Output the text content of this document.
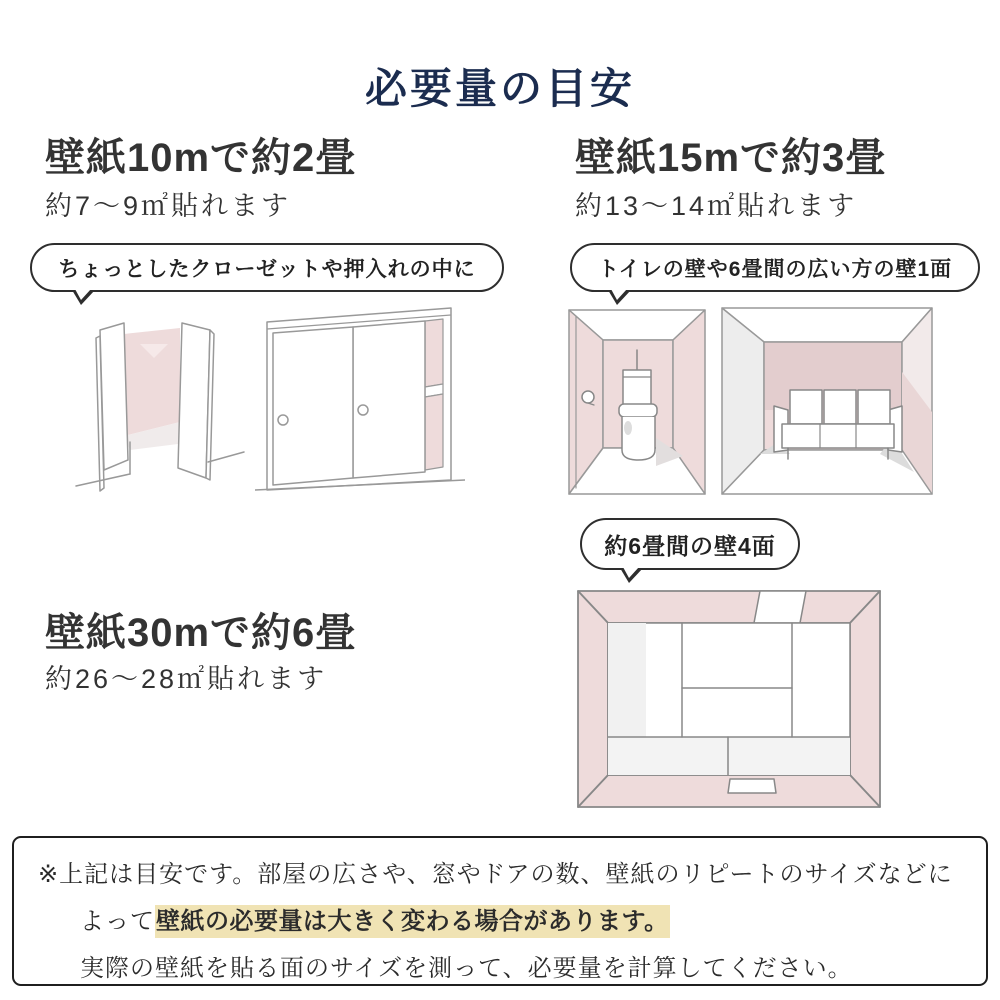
必要量の目安
壁紙10mで約2畳
約7〜9㎡貼れます
ちょっとしたクローゼットや押入れの中に
壁紙15mで約3畳
約13〜14㎡貼れます
トイレの壁や6畳間の広い方の壁1面
約6畳間の壁4面
壁紙30mで約6畳
約26〜28㎡貼れます
※上記は目安です。部屋の広さや、窓やドアの数、壁紙のリピートのサイズなどに
よって壁紙の必要量は大きく変わる場合があります。
実際の壁紙を貼る面のサイズを測って、必要量を計算してください。
